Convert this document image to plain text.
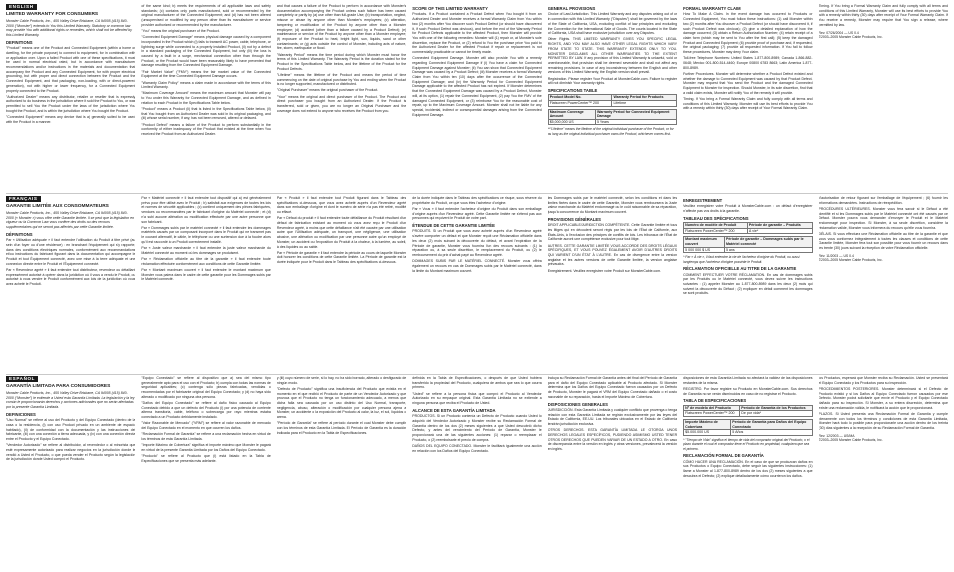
ENGLISH
LIMITED WARRANTY FOR CONSUMERS
Monster Cable Products, Inc., 455 Valley Drive Brisbane, CA 94005 (415) 840-2000 ("Monster") extends to You this Limited Warranty. Statutory or common law may provide You with additional rights or remedies, which shall not be affected by this Limited Warranty.
DEFINITIONS
"Product" means one of the Product and Connected Equipment (within a home or dwelling, for the private purpose) to connect to equipment, for in combination with or application over. Upon a failed Product with one of these specifications, it must be used in normal electrical rated, but in accordance with manufacturer recommendations and/or instructions in the materials and documentation that accompany the Product and any Connected Equipment, for with proper electrical grounding, but with proper and direct connection between the Product and the Connected Equipment, and that packaging, non-loading, with or direct-powered generation), not with higher or lower frequency, for a Connected Equipment properly connected to the Product.
"Authorized Dealer" means any distributor, retailer or reseller that is expressly authorized to do business in the jurisdiction where it sold the Product to You, or was permitted to sell You the Product under the laws of the jurisdiction where You bought the Product, and is within the jurisdiction where You bought the Product.
"Connected Equipment" means any device that is a) generally suited to be used with the Product in a manner.
of the same kind; b) meets the requirements of all applicable laws and safety standards; (c) contains only parts manufactured, sold or recommended by the original manufacturer of the Connected Equipment; and (d) has not been altered (unsupervised or modified by any person other than its manufacturer or service provider authorized or recommended by the manufacturer.
"You" means the original purchaser of the Product.
"Connected Equipment Damage" means physical damage caused by a component incorporated in the Product which (i) fails to transmit AC power, cable, telephone, or lightning surge while connected to a properly installed Product, (ii) not by a defect in a standard packaging of the Connected Equipment, but only (iii) the loss is caused by a fault in a surge, mechanical connection other than through the Product, or the Product would have been reasonably likely to have prevented that damage resulting from the Connected Equipment Damage.
"Fair Market Value" ("FMV") means the fair market value of the Connected Equipment at the time Connected Equipment Damage occurs.
"Warranty Claim Policy" means a claim made in accordance with the terms of this Limited Warranty.
"Maximum Coverage Amount" means the maximum amount that Monster will pay to You under this Warranty for Connected Equipment Damage, and as defined in relation to each Product in the Specifications Table below.
"Product" means a Product (ii) that is listed in the Specifications Table below, (ii) that You bought from an Authorized Dealer was sold in its original packaging, and (iii) whose serial number, if any, has not been removed, altered or defaced.
"Product Defect" means a failure of the Product to perform substantially in the conformity of either inadequacy of the Product that existed at the time when You received the Product from an Authorized Dealer.
and that causes a failure of the Product to perform in accordance with Monster's documentation accompanying the Product unless such failure has been caused completely or partly by (a) use other than full-grade Use; (b) transportation, neglect, misuse or abuse by anyone other than Monster's employees; (c) alteration, tampering or modification of the Product by anyone other than a Monster employee; (d) accident (other than a failure caused by a Product Defect); (e) maintenance or service of the Product by anyone other than a Monster employee; (f) exposure of the Product to heat, bright light, sun, liquids, sand or other contaminants; or (g) acts outside the control of Monster, including acts of nature, fire, storm, earthquake or flood.
"Warranty Period" means the time period during which Monster must honor the terms of this Limited Warranty. The Warranty Period is the duration stated for the Product in the Specifications Table below, and the lifetime of the Product for the Product Defects.
"Lifetime" means the lifetime of the Product and means the period of time commencing on the date of original purchase by You and ending when the Product is no longer supported, manufactured or distributed.
"Original Purchaser" means the original purchaser of the Product.
"Your" means the original and direct purchaser of the Product. The Product and direct purchaser you bought from an Authorized Dealer. If the Product is transferred, sold or given, you are no longer an Original Purchaser and the coverage does not extend to anyone who receives the Product from you.
SCOPE OF THIS LIMITED WARRANTY
Products. If a Product contained a Product Defect when You bought it from an Authorized Dealer and Monster receives a formal Warranty Claim from You within two (2) months after You discover such Product Defect (or should have discovered it, if such Product Defect was obvious), and before the end of the Warranty Period for Product Defects applicable to the affected Product, then Monster will provide You with one of the following remedies: Monster will (1) repair or, at Monster's sole discretion, replace the Product, or (2) refund to You the purchase price You paid to the Authorized Dealer for the affected Product if repair or replacement is not commercially practicable or cannot be timely made.
Connected Equipment Damage. Monster will also provide You with a remedy regarding Connected Equipment Damage if (i) You have a claim for Connected Equipment Damage against Monster; (ii) You can show that Connected Equipment Damage was caused by a Product Defect; (iii) Monster receives a formal Warranty Claim from You within ten (10) days after the occurrence of the Connected Equipment Damage; and (iv) the Warranty Period for Connected Equipment Damage applicable to the affected Product has not expired. If Monster determines that the Connected Equipment Damage was caused by a Product Defect, Monster will, at its option, (1) repair the Connected Equipment, (2) pay You the FMV of the damaged Connected Equipment, or (3) reimburse You for the reasonable cost of repair, up to the Maximum Coverage Amount. Monster shall not be liable for any special, incidental, indirect or consequential damages arising from the Connected Equipment Damage.
GENERAL PROVISIONS
Choice of Law/Jurisdiction. This Limited Warranty and any disputes arising out of or in connection with this Limited Warranty ("Disputes") shall be governed by the laws of the State of California, USA, excluding conflict of law principles and excluding the Convention for the International Sale of Goods. The courts located in the State of California, USA shall have exclusive jurisdiction over any Disputes.
Other Rights. THIS LIMITED WARRANTY GIVES YOU SPECIFIC LEGAL RIGHTS, AND YOU MAY ALSO HAVE OTHER LEGAL RIGHTS WHICH VARY FROM STATE TO STATE. THIS WARRANTY EXTENDS ONLY TO YOU. MONSTER DISCLAIMS ALL OTHER WARRANTIES TO THE EXTENT PERMITTED BY LAW. If any provision of this Limited Warranty is unlawful, void or unenforceable, that provision shall be deemed severable and shall not affect any remaining provisions. In case of any inconsistency between the English and other versions of this Limited Warranty, the English version shall prevail.
Registration. Please register Your Product at MonsterCable.com. Failure to register will not diminish Your warranty rights.
SPECIFICATIONS TABLE
Product Model No.	Warranty Period for Products
Flatscreen PowerCenter™ 200	Lifetime
Maximum Coverage Amount	Warranty Period for Connected Equipment Damage
$5,000,000 US	5 Years
**"Lifetime" means the lifetime of the original individual purchaser of the Product, or for as long as the original individual purchaser owns the Product, whichever comes first.
FORMAL WARRANTY CLAIM
How To Make A Claim. In the event damage has occurred to Products or Connected Equipment, You must follow these instructions: (1) call Monster within two (2) months after You discover a Product Defect (or should have discovered it, if such Product Defect was obvious); (2) give a detailed explanation of how the damage occurred; (3) obtain a Return Authorization Number; (4) retain receipt of a claim form (which may be sent to You after the first call); (5) keep the damaged Product and Connected Equipment; (6) provide proof of purchase and, if requested, the original packaging; (7) provide all requested information. If You fail to follow these procedures, Monster may deny Your claim.
Toll-free Telephone Numbers: United States 1-877-800-8989; Canada 1-866-882-0648; Mexico 001-800-514-4460; Europe 00800 6783 8663; Latin America 1-877-800-8989.
Further Procedures. Monster will determine whether a Product Defect existed and whether the damage to Connected Equipment was caused by that Product Defect. Monster may request that You send the Product and the damaged Connected Equipment to Monster for inspection. Should Monster, in its sole discretion, find that a valid claim exists, Monster will notify You of the remedy it will provide.
Timing. If You bring a Formal Warranty Claim and fully comply with all terms and conditions of this Limited Warranty, Monster will use its best efforts to provide You with a remedy within thirty (30) days after receipt of Your Formal Warranty Claim.
Timing. If You bring a Formal Warranty Claim and fully comply with all terms and conditions of this Limited Warranty, Monster will use its best efforts to provide You with a remedy within thirty (30) days after receipt of Your Formal Warranty Claim. If You receive a remedy, Monster may require that You sign a release, where permitted by law.
Rev. 07/26/2004 — US 0.4
©2003–2005 Monster Cable Products, Inc.
FRANÇAIS
GARANTIE LIMITÉE AUX CONSOMMATEURS
Monster Cable Products, Inc., 455 Valley Drive Brisbane, CA 94005 (415) 840-2000 (« Monster ») vous offre cette Garantie limitée. Il se peut que la législation en vigueur ou la Common Law vous confère des droits ou des recours supplémentaires qui ne seront pas affectés par cette Garantie limitée.
DÉFINITIONS
Par « Utilisation adéquate » il faut entendre l'utilisation du Produit à titre privé (au sein d'un foyer ou d'une résidence) : en branchant l'équipement qui s'y rapporte, dans des conditions électriques normales, conformément aux recommandations et/ou instructions du fabricant figurant dans la documentation qui accompagne le Produit et tout Équipement connecté, avec une mise à la terre adéquate et une connexion directe entre le Produit et l'Équipement connecté.
Par « Revendeur agréé » il faut entendre tout distributeur, revendeur ou détaillant expressément autorisé à opérer dans la juridiction où il vous a vendu le Produit, ou autorisé à vous vendre le Produit conformément aux lois de la juridiction où vous avez acheté le Produit.
Par « Matériel connecté » il faut entendre tout dispositif qui a) est généralement prévu pour être utilisé avec le Produit ; b) satisfait aux exigences de toutes les lois et normes de sécurité applicables ; (c) contient uniquement des pièces fabriquées, vendues ou recommandées par le fabricant d'origine du Matériel connecté ; et (d) n'a subi aucune altération ou modification effectuée par une autre personne que son fabricant.
Par « Dommages subis par le matériel connecté » il faut entendre les dommages matériels causés par un composant incorporé dans le Produit qui ne transmet pas le courant alternatif, le câble, le téléphone ou une surtension due à la foudre alors qu'il est raccordé à un Produit correctement installé.
Par « Juste valeur marchande » il faut entendre la juste valeur marchande du Matériel connecté au moment où les dommages se produisent.
Par « Réclamation officielle au titre de la garantie » il faut entendre toute réclamation effectuée conformément aux conditions de cette Garantie limitée.
Par « Montant maximum couvert » il faut entendre le montant maximum que Monster vous paiera dans le cadre de cette garantie pour les Dommages subis par le Matériel connecté.
Par « Produit » il faut entendre tout Produit figurant dans le Tableau des spécifications ci-dessous, que vous avez acheté auprès d'un Revendeur agréé dans son emballage d'origine et dont le numéro de série n'a pas été retiré, modifié ou effacé.
Par « Défaut du produit » il faut entendre toute défaillance du Produit résultant d'un défaut de fabrication existant au moment où vous avez reçu le Produit d'un Revendeur agréé, à moins que cette défaillance n'ait été causée par une utilisation autre que l'Utilisation adéquate, un transport, une négligence, une utilisation abusive, une altération ou modification par une personne autre qu'un employé de Monster, un accident ou l'exposition du Produit à la chaleur, à la lumière, au soleil, à des liquides ou au sable.
Par « Période de garantie » il faut entendre la période au cours de laquelle Monster doit honorer les conditions de cette Garantie limitée. La Période de garantie est la durée indiquée pour le Produit dans le Tableau des spécifications ci-dessous.
de la durée indiquée dans le Tableau des spécifications ce risque, sous réserve du propriétaire du Produit, ce que vous êtes l'acheteur d'origine.
Par « Vous » il faut entendre l'acheteur d'origine du Produit dans son emballage d'origine auprès d'un Revendeur agréé. Cette Garantie limitée ne s'étend pas aux personnes qui reçoivent le Produit de votre part.
ÉTENDUE DE CETTE GARANTIE LIMITÉE
PRODUITS. Si un Produit que vous avez acheté auprès d'un Revendeur agréé s'avère comporter un défaut et que Monster reçoit une Réclamation officielle dans les deux (2) mois suivant la découverte du défaut, et avant l'expiration de la Période de garantie, Monster vous fournira l'un des recours suivants : (1) la réparation ou, à sa seule discrétion, le remplacement du Produit, ou (2) le remboursement du prix d'achat payé au Revendeur agréé.
DOMMAGES SUBIS PAR LE MATÉRIEL CONNECTÉ. Monster vous offrira également un recours en cas de Dommages subis par le Matériel connecté, dans la limite du Montant maximum couvert.
les Dommages subis par le matériel connecté, selon les conditions et dans les limites fixées dans le cadre de cette Garantie, Monster vous remboursera la Juste valeur marchande du Matériel endommagé ou le coût raisonnable de sa réparation, jusqu'à concurrence du Montant maximum couvert.
PROVISIONS GÉNÉRALES
DROIT APPLICABLE/JURIDICTION COMPÉTENTE. Cette Garantie limitée et tous les litiges qui en découlent seront régis par les lois de l'État de Californie, aux États-Unis, à l'exclusion des principes de conflits de lois. Les tribunaux de l'État de Californie auront une compétence exclusive pour tout litige.
AUTRES. CETTE GARANTIE LIMITÉE VOUS ACCORDE DES DROITS LÉGAUX SPÉCIFIQUES, ET VOUS POUVEZ ÉGALEMENT AVOIR D'AUTRES DROITS QUI VARIENT D'UN ÉTAT À L'AUTRE. En cas de divergence entre la version anglaise et les autres versions de cette Garantie limitée, la version anglaise prévaudra.
Enregistrement. Veuillez enregistrer votre Produit sur MonsterCable.com.
ENREGISTREMENT
Veuillez enregistrer votre Produit à MonsterCable.com : un défaut d'enregistrer n'affecte pas vos droits à la garantie.
TABLEAU DES SPÉCIFICATIONS
Numéro de modèle de Produit	Période de garantie – Produits
Flatscreen PowerCenter™ 200	À vie*
Montant maximum couvert	Période de garantie – Dommages subis par le Matériel connecté
5 000 000 $ US	5 ans
* Par « À vie », il faut entendre la vie de l'acheteur d'origine du Produit, ou aussi longtemps que l'acheteur d'origine possède le Produit.
RÉCLAMATION OFFICIELLE AU TITRE DE LA GARANTIE
COMMENT EFFECTUER VOTRE RÉCLAMATION. En cas de dommages subis par les Produits ou le Matériel connecté, vous devez suivre les instructions suivantes : (1) appeler Monster au 1-877-800-8989 dans les deux (2) mois qui suivent la découverte du Défaut ; (2) expliquer en détail comment les dommages se sont produits.
d'autorisation de retour figurant sur l'emballage de l'équipement ; (6) fournir les informations demandées. Instructions de réexpédition.
PROCÉDURES ULTÉRIEURES. Monster vous fera savoir si le Défaut a été identifié et si les Dommages subis par le Matériel connecté ont été causés par ce Défaut. Monster pourra vous demander d'envoyer le Produit et le Matériel endommagé pour inspection. Si Monster, à sa seule discrétion, considère la réclamation valide, Monster vous informera du recours qu'elle vous fournira.
DÉLAIS. Si vous effectuez une Réclamation officielle au titre de la garantie et que vous vous conformez intégralement à toutes les clauses et conditions de cette Garantie limitée, Monster fera tout son possible pour vous fournir un recours dans les trente (30) jours suivant la réception de votre Réclamation officielle.
Rév. 11/2003 — US 0.4
©2003–2005 Monster Cable Products, Inc.
ESPAÑOL
GARANTÍA LIMITADA PARA CONSUMIDORES
Monster Cable Products, Inc., 455 Valley Drive Brisbane, CA 94005 (415) 840-2000 ("Monster") le extiende a Usted esta Garantía Limitada. La legislación y la ley común le proporcionarán derechos y acciones adicionales que no serán afectadas por la presente Garantía Limitada.
DEFINICIONES
"Uso Normal" se refiere al uso del Producto y del Equipo Conectado (dentro de la casa o la residencia, (i) con uso Product privado en un ambiente de espacio habitado), (ii) de conformidad con la documentación y las instrucciones del fabricante, (iii) con una conexión a tierra adecuada, y (iv) con una conexión directa entre el Producto y el Equipo Conectado.
"Vendedor Autorizado" se refiere al distribuidor, al revendedor o al minorista que esté expresamente autorizado para realizar negocios en la jurisdicción donde le vendió a Usted el Producto, o que pueda vender el Producto según la legislación de la jurisdicción donde Usted compró el Producto.
"Equipo Conectado" se refiere al dispositivo que a) sea del mismo tipo generalmente apto para el uso con el Producto; b) cumpla con todas las normas de seguridad aplicables; (c) contenga sólo piezas fabricadas, vendidas o recomendadas por el fabricante original del Equipo Conectado; y (d) no haya sido alterado o modificado por ninguna otra persona.
"Daños del Equipo Conectado" se refiere al daño físico causado al Equipo Conectado debido a que un defecto del Producto (i) por una potencia de corriente alterna transitoria, cable, teléfono o sobrecarga por rayo mientras estaba conectado a un Producto debidamente instalado.
"Valor Razonable de Mercado" ("VRM") se refiere al valor razonable de mercado del Equipo Conectado en el momento en que ocurren los daños.
"Reclamación Formal de Garantía" se refiere a una reclamación hecha en virtud de los términos de esta Garantía Limitada.
"Importe Máximo de Cobertura" significa el importe máximo que Monster le pagará en virtud de la presente Garantía Limitada por los Daños del Equipo Conectado.
"Producto" se refiere al Producto que (i) está listado en la Tabla de Especificaciones que se presenta más adelante.
y (iii) cuyo número de serie, si lo hay, no ha sido borrado, alterado o desfigurado de ningún modo.
"Defecto de Producto" significa una insuficiencia del Producto que existía en el momento en el que recibió el Producto de parte de un Vendedor Autorizado y que provoca que el Producto no tenga un funcionamiento adecuado, a menos que dicha falla sea causada por un uso distinto del Uso Normal, transporte, negligencia, abuso, alteración o modificación por cualquier persona ajena a Monster, un accidente o la exposición del Producto al calor, la luz, el sol, líquidos o arena.
"Período de Garantía" se refiere al período durante el cual Monster debe cumplir con los términos de esta Garantía Limitada. El Período de Garantía es la duración indicada para el Producto en la Tabla de Especificaciones.
definida en la Tabla de Especificaciones, o después de que Usted hubiera transferido la propiedad del Producto, cualquiera de ambos que sea lo que ocurra primero.
"Usted" se refiere a la persona física que compró el Producto al Vendedor Autorizado en su empaque original. Esta Garantía Limitada no se extiende a ninguna persona que reciba el Producto de Usted.
ALCANCE DE ESTA GARANTÍA LIMITADA
PRODUCTOS. Si un Producto contenía un Defecto de Producto cuando Usted lo adquirió del Vendedor Autorizado y Monster recibe su Reclamación Formal de Garantía dentro de los dos (2) meses siguientes a que Usted descubrió dicho Defecto, y antes del vencimiento del Período de Garantía, Monster le proporcionará una de las siguientes acciones: (1) reparar o reemplazar el Producto, o (2) reembolsarle el precio de compra.
DAÑOS DEL EQUIPO CONECTADO. Monster le facilitará igualmente una acción en relación con los Daños del Equipo Conectado.
Incluya su Reclamación Formal de Garantía antes del final del Período de Garantía para el daño del Equipo Conectado aplicable al Producto afectado. Si Monster determina que los Daños del Equipo Conectado fueron causados por un Defecto de Producto, Monster le pagará el VRM del Equipo Conectado dañado o el costo razonable de su reparación, hasta el Importe Máximo de Cobertura.
DISPOSICIONES GENERALES
JURISDICCIÓN. Esta Garantía Limitada y cualquier conflicto que provenga o tenga relación con esta Garantía Limitada se regirán exclusivamente por las leyes del Estado de California, EE.UU. Los tribunales ubicados en el Estado de California tendrán jurisdicción exclusiva.
OTROS DERECHOS. ESTA GARANTÍA LIMITADA LE OTORGA UNOS DERECHOS LEGALES ESPECÍFICOS, PUDIENDO ASIMISMO USTED TENER OTROS DERECHOS QUE PUEDEN VARIAR DE UN ESTADO A OTRO. En caso de discrepancia entre la versión en inglés y otras versiones, prevalecerá la versión en inglés.
disposiciones de esta Garantía Limitada no afectará la validez de las disposiciones restantes de la misma.
REGISTRO. Por favor registre su Producto en MonsterCable.com. Sus derechos de Garantía no se verán disminuidos en caso de no registrar el Producto.
TABLA DE ESPECIFICACIONES
Nº de modelo del Producto	Período de Garantía de los Productos
Flatscreen PowerCenter™ 200	De por vida*
Importe Máximo de Cobertura	Período de Garantía para Daños del Equipo Conectado
$5.000.000 US	5 Años
* "Tiempo de Vida" significa el tiempo de vida del comprador original del Producto, o el plazo durante el cual el comprador tiene el Producto en propiedad, cualquiera que sea el primero.
RECLAMACIÓN FORMAL DE GARANTÍA
CÓMO HACER UNA RECLAMACIÓN. En el caso de que se produzcan daños en sus Productos o Equipo Conectado, debe seguir las siguientes instrucciones: (1) llame a Monster al 1-877-800-8989 dentro de los dos (2) meses siguientes a que descubra el Defecto; (2) explique detalladamente cómo ocurrieron los daños.
los Productos, esperará que Monster reciba su Reclamación. Usted se presentará el Equipo Conectado y los Productos para su inspección.
PROCEDIMIENTOS POSTERIORES. Monster determinará si el Defecto de Producto existió y si los Daños al Equipo Conectado fueron causados por ese Defecto. Monster podrá solicitarle que envíe el Producto y el Equipo Conectado dañado para su inspección. Si Monster, a su entera discreción, determina que existe una reclamación válida, le notificará la acción que le proporcionará.
PLAZOS. Si Usted presenta una Reclamación Formal de Garantía y cumple plenamente con todos los términos y condiciones de esta Garantía Limitada, Monster hará todo lo posible para proporcionarle una acción dentro de los treinta (30) días siguientes a la recepción de su Reclamación Formal de Garantía.
Rev. 12/2003 — US/MA
©2003–2005 Monster Cable Products, Inc.
